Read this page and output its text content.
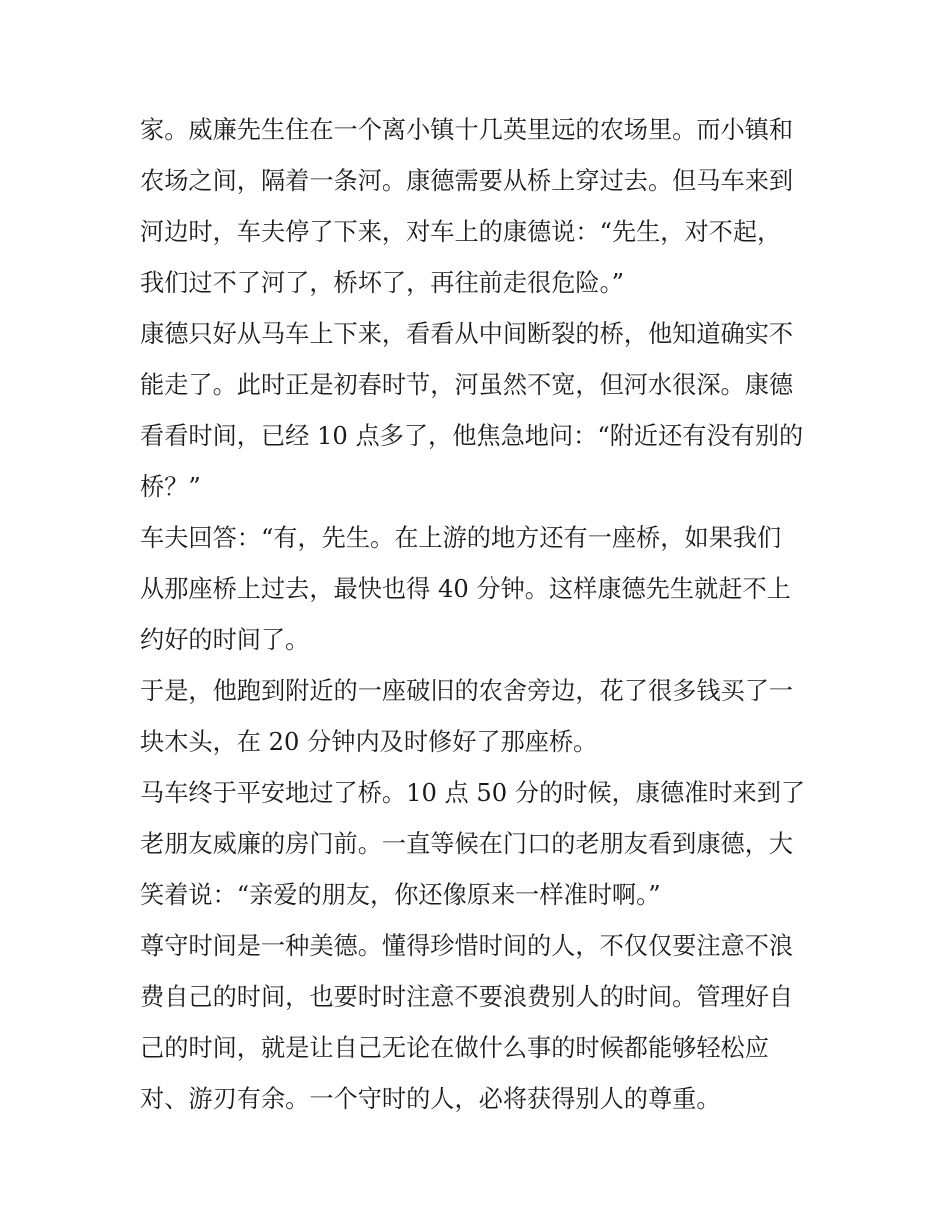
家。威廉先生住在一个离小镇十几英里远的农场里。而小镇和
农场之间，隔着一条河。康德需要从桥上穿过去。但马车来到
河边时，车夫停了下来，对车上的康德说：“先生，对不起，
我们过不了河了，桥坏了，再往前走很危险。”
康德只好从马车上下来，看看从中间断裂的桥，他知道确实不
能走了。此时正是初春时节，河虽然不宽，但河水很深。康德
看看时间，已经 10 点多了，他焦急地问：“附近还有没有别的
桥？”
车夫回答：“有，先生。在上游的地方还有一座桥，如果我们
从那座桥上过去，最快也得 40 分钟。这样康德先生就赶不上
约好的时间了。
于是，他跑到附近的一座破旧的农舍旁边，花了很多钱买了一
块木头，在 20 分钟内及时修好了那座桥。
马车终于平安地过了桥。10 点 50 分的时候，康德准时来到了
老朋友威廉的房门前。一直等候在门口的老朋友看到康德，大
笑着说：“亲爱的朋友，你还像原来一样准时啊。”
尊守时间是一种美德。懂得珍惜时间的人，不仅仅要注意不浪
费自己的时间，也要时时注意不要浪费别人的时间。管理好自
己的时间，就是让自己无论在做什么事的时候都能够轻松应
对、游刃有余。一个守时的人，必将获得别人的尊重。
